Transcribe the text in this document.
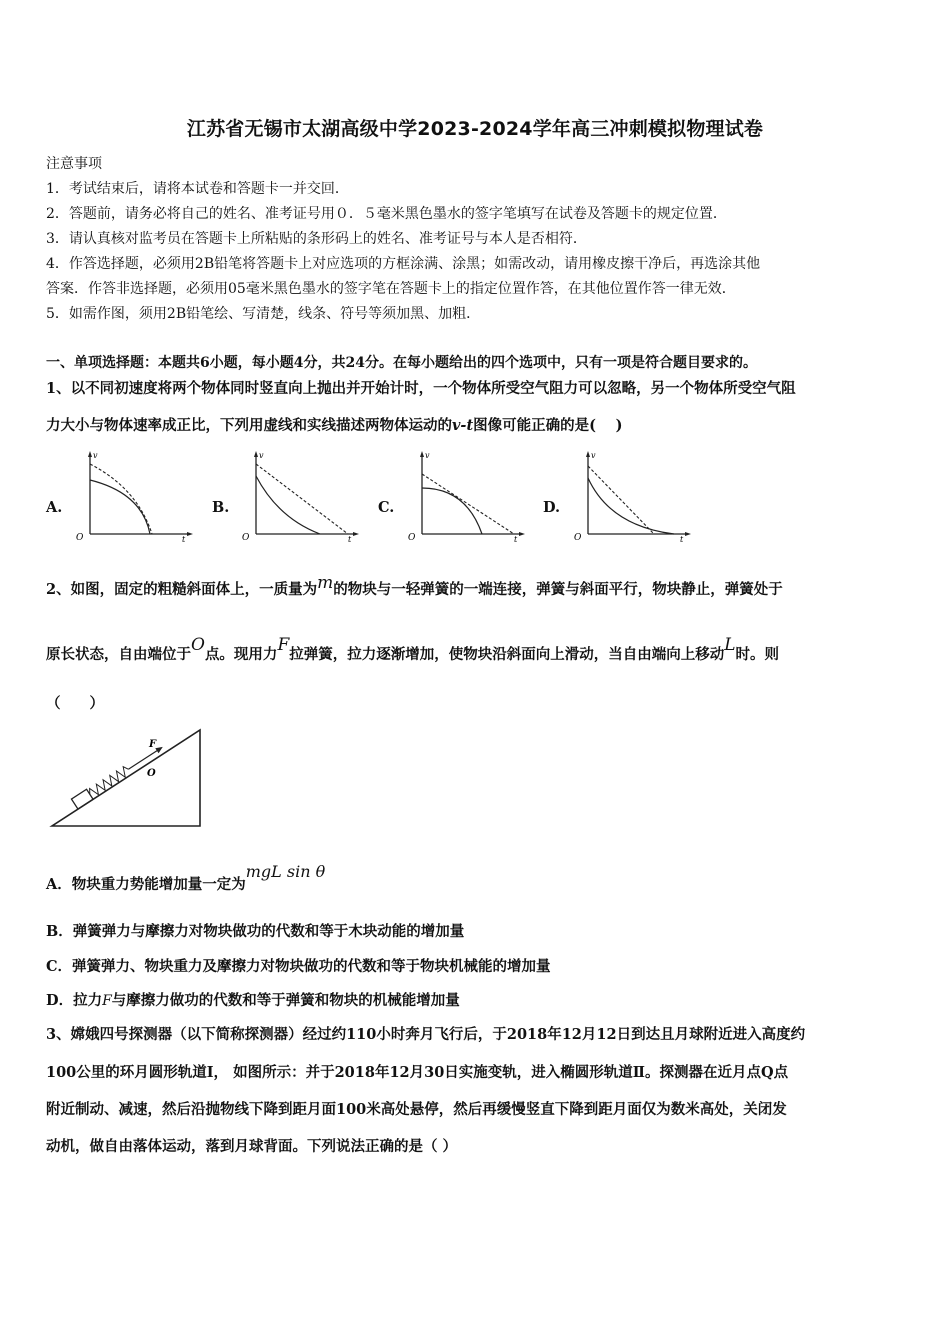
江苏省无锡市太湖高级中学2023-2024学年高三冲刺模拟物理试卷
注意事项
1．考试结束后，请将本试卷和答题卡一并交回．
2．答题前，请务必将自己的姓名、准考证号用０．５毫米黑色墨水的签字笔填写在试卷及答题卡的规定位置．
3．请认真核对监考员在答题卡上所粘贴的条形码上的姓名、准考证号与本人是否相符．
4．作答选择题，必须用2B铅笔将答题卡上对应选项的方框涂满、涂黑；如需改动，请用橡皮擦干净后，再选涂其他
答案．作答非选择题，必须用05毫米黑色墨水的签字笔在答题卡上的指定位置作答，在其他位置作答一律无效．
5．如需作图，须用2B铅笔绘、写清楚，线条、符号等须加黑、加粗．
一、单项选择题：本题共6小题，每小题4分，共24分。在每小题给出的四个选项中，只有一项是符合题目要求的。
1、以不同初速度将两个物体同时竖直向上抛出并开始计时，一个物体所受空气阻力可以忽略，另一个物体所受空气阻
力大小与物体速率成正比，下列用虚线和实线描述两物体运动的v-t图像可能正确的是(　 )
A.	B.	C.	D.
v
t
O
v
t
O
v
t
O
v
t
O
2、如图，固定的粗糙斜面体上，一质量为m的物块与一轻弹簧的一端连接，弹簧与斜面平行，物块静止，弹簧处于
原长状态，自由端位于O点。现用力F拉弹簧，拉力逐渐增加，使物块沿斜面向上滑动，当自由端向上移动L时。则
（　　）
F
O
A．物块重力势能增加量一定为mgL sin θ
B．弹簧弹力与摩擦力对物块做功的代数和等于木块动能的增加量
C．弹簧弹力、物块重力及摩擦力对物块做功的代数和等于物块机械能的增加量
D．拉力F与摩擦力做功的代数和等于弹簧和物块的机械能增加量
3、嫦娥四号探测器（以下简称探测器）经过约110小时奔月飞行后，于2018年12月12日到达且月球附近进入高度约
100公里的环月圆形轨道Ⅰ， 如图所示：并于2018年12月30日实施变轨，进入椭圆形轨道Ⅱ。探测器在近月点Q点
附近制动、减速，然后沿抛物线下降到距月面100米高处悬停，然后再缓慢竖直下降到距月面仅为数米高处，关闭发
动机，做自由落体运动，落到月球背面。下列说法正确的是（ ）
